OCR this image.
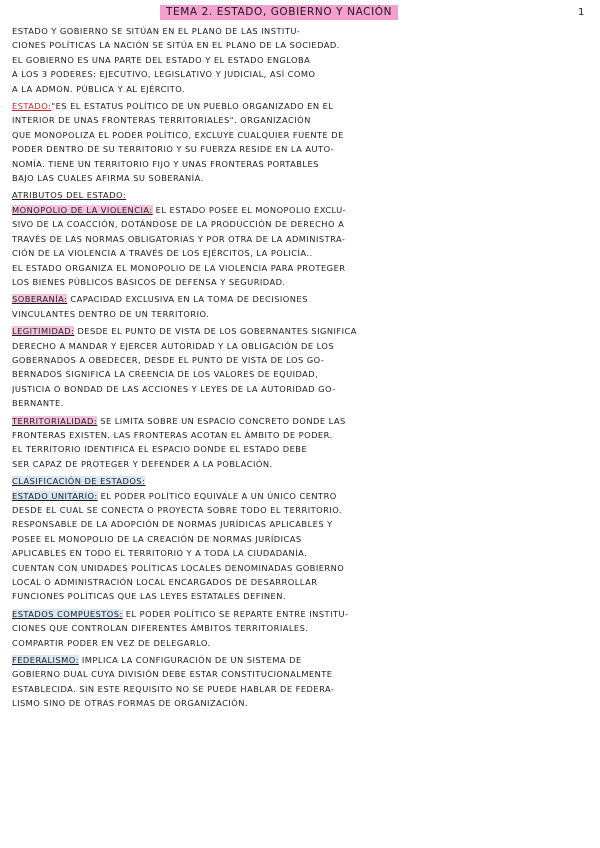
TEMA 2. ESTADO, GOBIERNO Y NACIÓN	1
ESTADO Y GOBIERNO SE SITÚAN EN EL PLANO DE LAS INSTITU-
CIONES POLÍTICAS LA NACIÓN SE SITÚA EN EL PLANO DE LA SOCIEDAD.
EL GOBIERNO ES UNA PARTE DEL ESTADO Y EL ESTADO ENGLOBA
A LOS 3 PODERES: EJECUTIVO, LEGISLATIVO Y JUDICIAL, ASÍ COMO
A LA ADMON. PÚBLICA Y AL EJÉRCITO.
ESTADO:"ES EL ESTATUS POLÍTICO DE UN PUEBLO ORGANIZADO EN EL
INTERIOR DE UNAS FRONTERAS TERRITORIALES". ORGANIZACIÓN
QUE MONOPOLIZA EL PODER POLÍTICO, EXCLUYE CUALQUIER FUENTE DE
PODER DENTRO DE SU TERRITORIO Y SU FUERZA RESIDE EN LA AUTO-
NOMÍA. TIENE UN TERRITORIO FIJO Y UNAS FRONTERAS PORTABLES
BAJO LAS CUALES AFIRMA SU SOBERANÍA.
ATRIBUTOS DEL ESTADO:
MONOPOLIO DE LA VIOLENCIA: EL ESTADO POSEE EL MONOPOLIO EXCLU-
SIVO DE LA COACCIÓN, DOTÁNDOSE DE LA PRODUCCIÓN DE DERECHO A
TRAVÉS DE LAS NORMAS OBLIGATORIAS Y POR OTRA DE LA ADMINISTRA-
CIÓN DE LA VIOLENCIA A TRAVÉS DE LOS EJÉRCITOS, LA POLICÍA..
EL ESTADO ORGANIZA EL MONOPOLIO DE LA VIOLENCIA PARA PROTEGER
LOS BIENES PÚBLICOS BÁSICOS DE DEFENSA Y SEGURIDAD.
SOBERANÍA: CAPACIDAD EXCLUSIVA EN LA TOMA DE DECISIONES
VINCULANTES DENTRO DE UN TERRITORIO.
LEGITIMIDAD: DESDE EL PUNTO DE VISTA DE LOS GOBERNANTES SIGNIFICA
DERECHO A MANDAR Y EJERCER AUTORIDAD Y LA OBLIGACIÓN DE LOS
GOBERNADOS A OBEDECER, DESDE EL PUNTO DE VISTA DE LOS GO-
BERNADOS SIGNIFICA LA CREENCIA DE LOS VALORES DE EQUIDAD,
JUSTICIA O BONDAD DE LAS ACCIONES Y LEYES DE LA AUTORIDAD GO-
BERNANTE.
TERRITORIALIDAD: SE LIMITA SOBRE UN ESPACIO CONCRETO DONDE LAS
FRONTERAS EXISTEN. LAS FRONTERAS ACOTAN EL ÁMBITO DE PODER.
EL TERRITORIO IDENTIFICA EL ESPACIO DONDE EL ESTADO DEBE
SER CAPAZ DE PROTEGER Y DEFENDER A LA POBLACIÓN.
CLASIFICACIÓN DE ESTADOS:
ESTADO UNITARIO: EL PODER POLÍTICO EQUIVALE A UN ÚNICO CENTRO
DESDE EL CUAL SE CONECTA O PROYECTA SOBRE TODO EL TERRITORIO.
RESPONSABLE DE LA ADOPCIÓN DE NORMAS JURÍDICAS APLICABLES Y
POSEE EL MONOPOLIO DE LA CREACIÓN DE NORMAS JURÍDICAS
APLICABLES EN TODO EL TERRITORIO Y A TODA LA CIUDADANÍA.
CUENTAN CON UNIDADES POLÍTICAS LOCALES DENOMINADAS GOBIERNO
LOCAL O ADMINISTRACIÓN LOCAL ENCARGADOS DE DESARROLLAR
FUNCIONES POLÍTICAS QUE LAS LEYES ESTATALES DEFINEN.
ESTADOS COMPUESTOS: EL PODER POLÍTICO SE REPARTE ENTRE INSTITU-
CIONES QUE CONTROLAN DIFERENTES ÁMBITOS TERRITORIALES.
COMPARTIR PODER EN VEZ DE DELEGARLO.
FEDERALISMO: IMPLICA LA CONFIGURACIÓN DE UN SISTEMA DE
GOBIERNO DUAL CUYA DIVISIÓN DEBE ESTAR CONSTITUCIONALMENTE
ESTABLECIDA. SIN ESTE REQUISITO NO SE PUEDE HABLAR DE FEDERA-
LISMO SINO DE OTRAS FORMAS DE ORGANIZACIÓN.
